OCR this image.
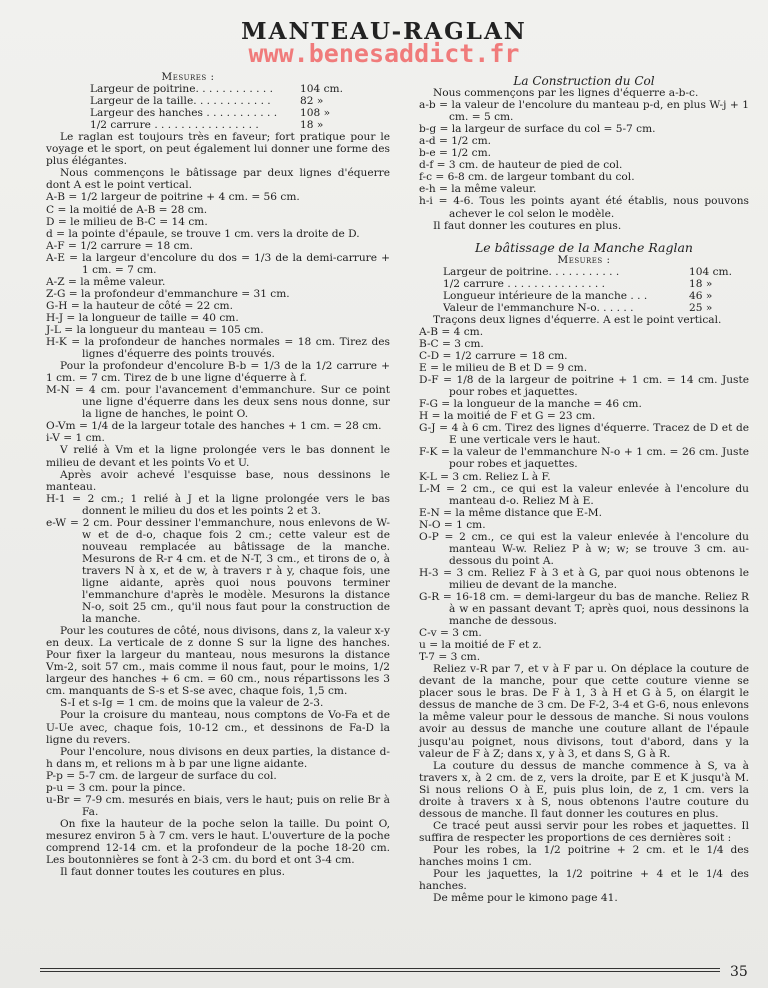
MANTEAU-RAGLAN
www.benesaddict.fr

Mesures :

Largeur de poitrine. . . . . . . . . . . .	104 cm.
Largeur de la taille. . . . . . . . . . . .	82 »
Largeur des hanches . . . . . . . . . . .	108 »
1/2 carrure . . . . . . . . . . . . . . . .	18 »

Le raglan est toujours très en faveur; fort pratique pour le voyage et le sport, on peut également lui donner une forme des plus élégantes.

Nous commençons le bâtissage par deux lignes d'équerre dont A est le point vertical.

A-B = 1/2 largeur de poitrine + 4 cm. = 56 cm.

C = la moitié de A-B = 28 cm.

D = le milieu de B-C = 14 cm.

d = la pointe d'épaule, se trouve 1 cm. vers la droite de D.

A-F = 1/2 carrure = 18 cm.

A-E = la largeur d'encolure du dos = 1/3 de la demi-carrure + 1 cm. = 7 cm.

A-Z = la même valeur.

Z-G = la profondeur d'emmanchure = 31 cm.

G-H = la hauteur de côté = 22 cm.

H-J = la longueur de taille = 40 cm.

J-L = la longueur du manteau = 105 cm.

H-K = la profondeur de hanches normales = 18 cm. Tirez des lignes d'équerre des points trouvés.

Pour la profondeur d'encolure B-b = 1/3 de la 1/2 carrure + 1 cm. = 7 cm. Tirez de b une ligne d'équerre à f.

M-N = 4 cm. pour l'avancement d'emmanchure. Sur ce point une ligne d'équerre dans les deux sens nous donne, sur la ligne de hanches, le point O.

O-Vm = 1/4 de la largeur totale des hanches + 1 cm. = 28 cm.

i-V = 1 cm.

V relié à Vm et la ligne prolongée vers le bas donnent le milieu de devant et les points Vo et U.

Après avoir achevé l'esquisse base, nous dessinons le manteau.

H-1 = 2 cm.; 1 relié à J et la ligne prolongée vers le bas donnent le milieu du dos et les points 2 et 3.

e-W = 2 cm. Pour dessiner l'emmanchure, nous enlevons de W-w et de d-o, chaque fois 2 cm.; cette valeur est de nouveau remplacée au bâtissage de la manche. Mesurons de R-r 4 cm. et de N-T, 3 cm., et tirons de o, à travers N à x, et de w, à travers r à y, chaque fois, une ligne aidante, après quoi nous pouvons terminer l'emmanchure d'après le modèle. Mesurons la distance N-o, soit 25 cm., qu'il nous faut pour la construction de la manche.

Pour les coutures de côté, nous divisons, dans z, la valeur x-y en deux. La verticale de z donne S sur la ligne des hanches. Pour fixer la largeur du manteau, nous mesurons la distance Vm-2, soit 57 cm., mais comme il nous faut, pour le moins, 1/2 largeur des hanches + 6 cm. = 60 cm., nous répartissons les 3 cm. manquants de S-s et S-se avec, chaque fois, 1,5 cm.

S-I et s-Ig = 1 cm. de moins que la valeur de 2-3.

Pour la croisure du manteau, nous comptons de Vo-Fa et de U-Ue avec, chaque fois, 10-12 cm., et dessinons de Fa-D la ligne du revers.

Pour l'encolure, nous divisons en deux parties, la distance d-h dans m, et relions m à b par une ligne aidante.

P-p = 5-7 cm. de largeur de surface du col.

p-u = 3 cm. pour la pince.

u-Br = 7-9 cm. mesurés en biais, vers le haut; puis on relie Br à Fa.

On fixe la hauteur de la poche selon la taille. Du point O, mesurez environ 5 à 7 cm. vers le haut. L'ouverture de la poche comprend 12-14 cm. et la profondeur de la poche 18-20 cm. Les boutonnières se font à 2-3 cm. du bord et ont 3-4 cm.

Il faut donner toutes les coutures en plus.

La Construction du Col

Nous commençons par les lignes d'équerre a-b-c.

a-b = la valeur de l'encolure du manteau p-d, en plus W-j + 1 cm. = 5 cm.

b-g = la largeur de surface du col = 5-7 cm.

a-d = 1/2 cm.

b-e = 1/2 cm.

d-f = 3 cm. de hauteur de pied de col.

f-c = 6-8 cm. de largeur tombant du col.

e-h = la même valeur.

h-i = 4-6. Tous les points ayant été établis, nous pouvons achever le col selon le modèle.

Il faut donner les coutures en plus.

Le bâtissage de la Manche Raglan

Mesures :

Largeur de poitrine. . . . . . . . . . .	104 cm.
1/2 carrure . . . . . . . . . . . . . . .	18 »
Longueur intérieure de la manche . . .	46 »
Valeur de l'emmanchure N-o. . . . . .	25 »

Traçons deux lignes d'équerre. A est le point vertical.

A-B = 4 cm.

B-C = 3 cm.

C-D = 1/2 carrure = 18 cm.

E = le milieu de B et D = 9 cm.

D-F = 1/8 de la largeur de poitrine + 1 cm. = 14 cm. Juste pour robes et jaquettes.

F-G = la longueur de la manche = 46 cm.

H = la moitié de F et G = 23 cm.

G-J = 4 à 6 cm. Tirez des lignes d'équerre. Tracez de D et de E une verticale vers le haut.

F-K = la valeur de l'emmanchure N-o + 1 cm. = 26 cm. Juste pour robes et jaquettes.

K-L = 3 cm. Reliez L à F.

L-M = 2 cm., ce qui est la valeur enlevée à l'encolure du manteau d-o. Reliez M à E.

E-N = la même distance que E-M.

N-O = 1 cm.

O-P = 2 cm., ce qui est la valeur enlevée à l'encolure du manteau W-w. Reliez P à w; w; se trouve 3 cm. au-dessous du point A.

H-3 = 3 cm. Reliez F à 3 et à G, par quoi nous obtenons le milieu de devant de la manche.

G-R = 16-18 cm. = demi-largeur du bas de manche. Reliez R à w en passant devant T; après quoi, nous dessinons la manche de dessous.

C-v = 3 cm.

u = la moitié de F et z.

T-7 = 3 cm.

Reliez v-R par 7, et v à F par u. On déplace la couture de devant de la manche, pour que cette couture vienne se placer sous le bras. De F à 1, 3 à H et G à 5, on élargit le dessus de manche de 3 cm. De F-2, 3-4 et G-6, nous enlevons la même valeur pour le dessous de manche. Si nous voulons avoir au dessus de manche une couture allant de l'épaule jusqu'au poignet, nous divisons, tout d'abord, dans y la valeur de F à Z; dans x, y à 3, et dans S, G à R.

La couture du dessus de manche commence à S, va à travers x, à 2 cm. de z, vers la droite, par E et K jusqu'à M. Si nous relions O à E, puis plus loin, de z, 1 cm. vers la droite à travers x à S, nous obtenons l'autre couture du dessous de manche. Il faut donner les coutures en plus.

Ce tracé peut aussi servir pour les robes et jaquettes. Il suffira de respecter les proportions de ces dernières soit :

Pour les robes, la 1/2 poitrine + 2 cm. et le 1/4 des hanches moins 1 cm.

Pour les jaquettes, la 1/2 poitrine + 4 et le 1/4 des hanches.

De même pour le kimono page 41.

35
